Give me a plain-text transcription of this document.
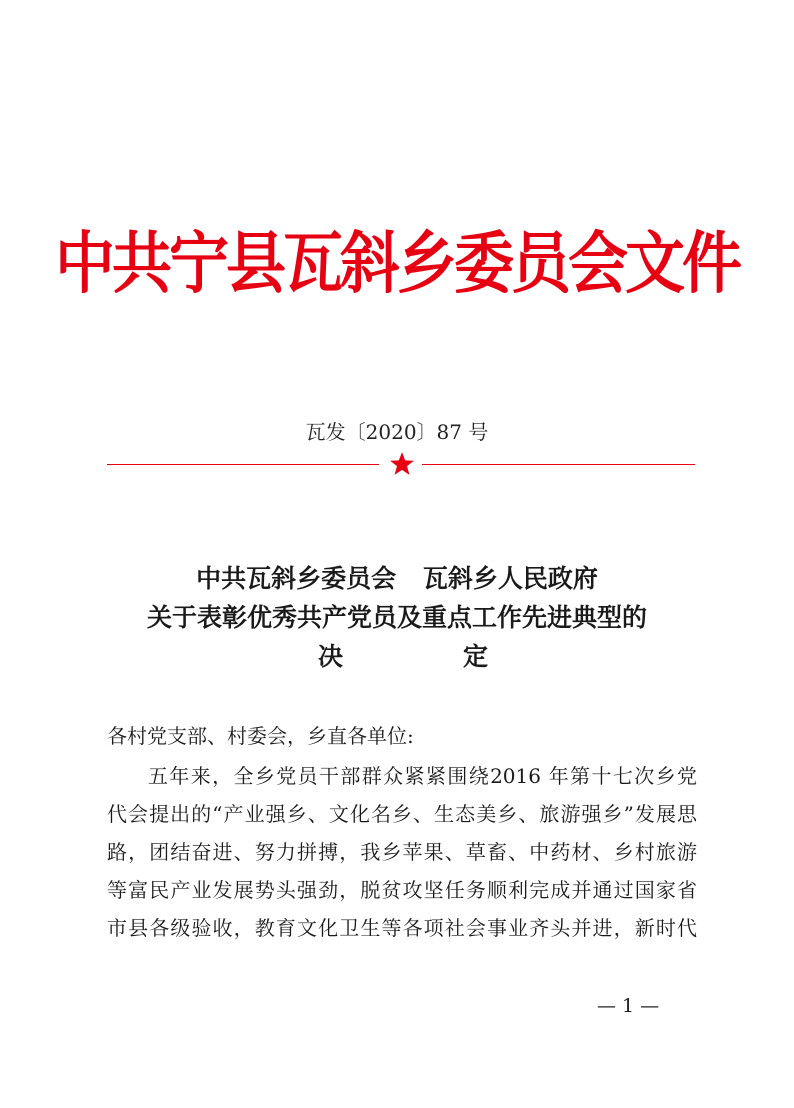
中共宁县瓦斜乡委员会文件
瓦发〔2020〕87 号
中共瓦斜乡委员会 瓦斜乡人民政府
关于表彰优秀共产党员及重点工作先进典型的
决	定
各村党支部、村委会，乡直各单位:
五年来，全乡党员干部群众紧紧围绕2016 年第十七次乡党
代会提出的“产业强乡、文化名乡、生态美乡、旅游强乡”发展思
路，团结奋进、努力拼搏，我乡苹果、草畜、中药材、乡村旅游
等富民产业发展势头强劲，脱贫攻坚任务顺利完成并通过国家省
市县各级验收，教育文化卫生等各项社会事业齐头并进，新时代
— 1 —
